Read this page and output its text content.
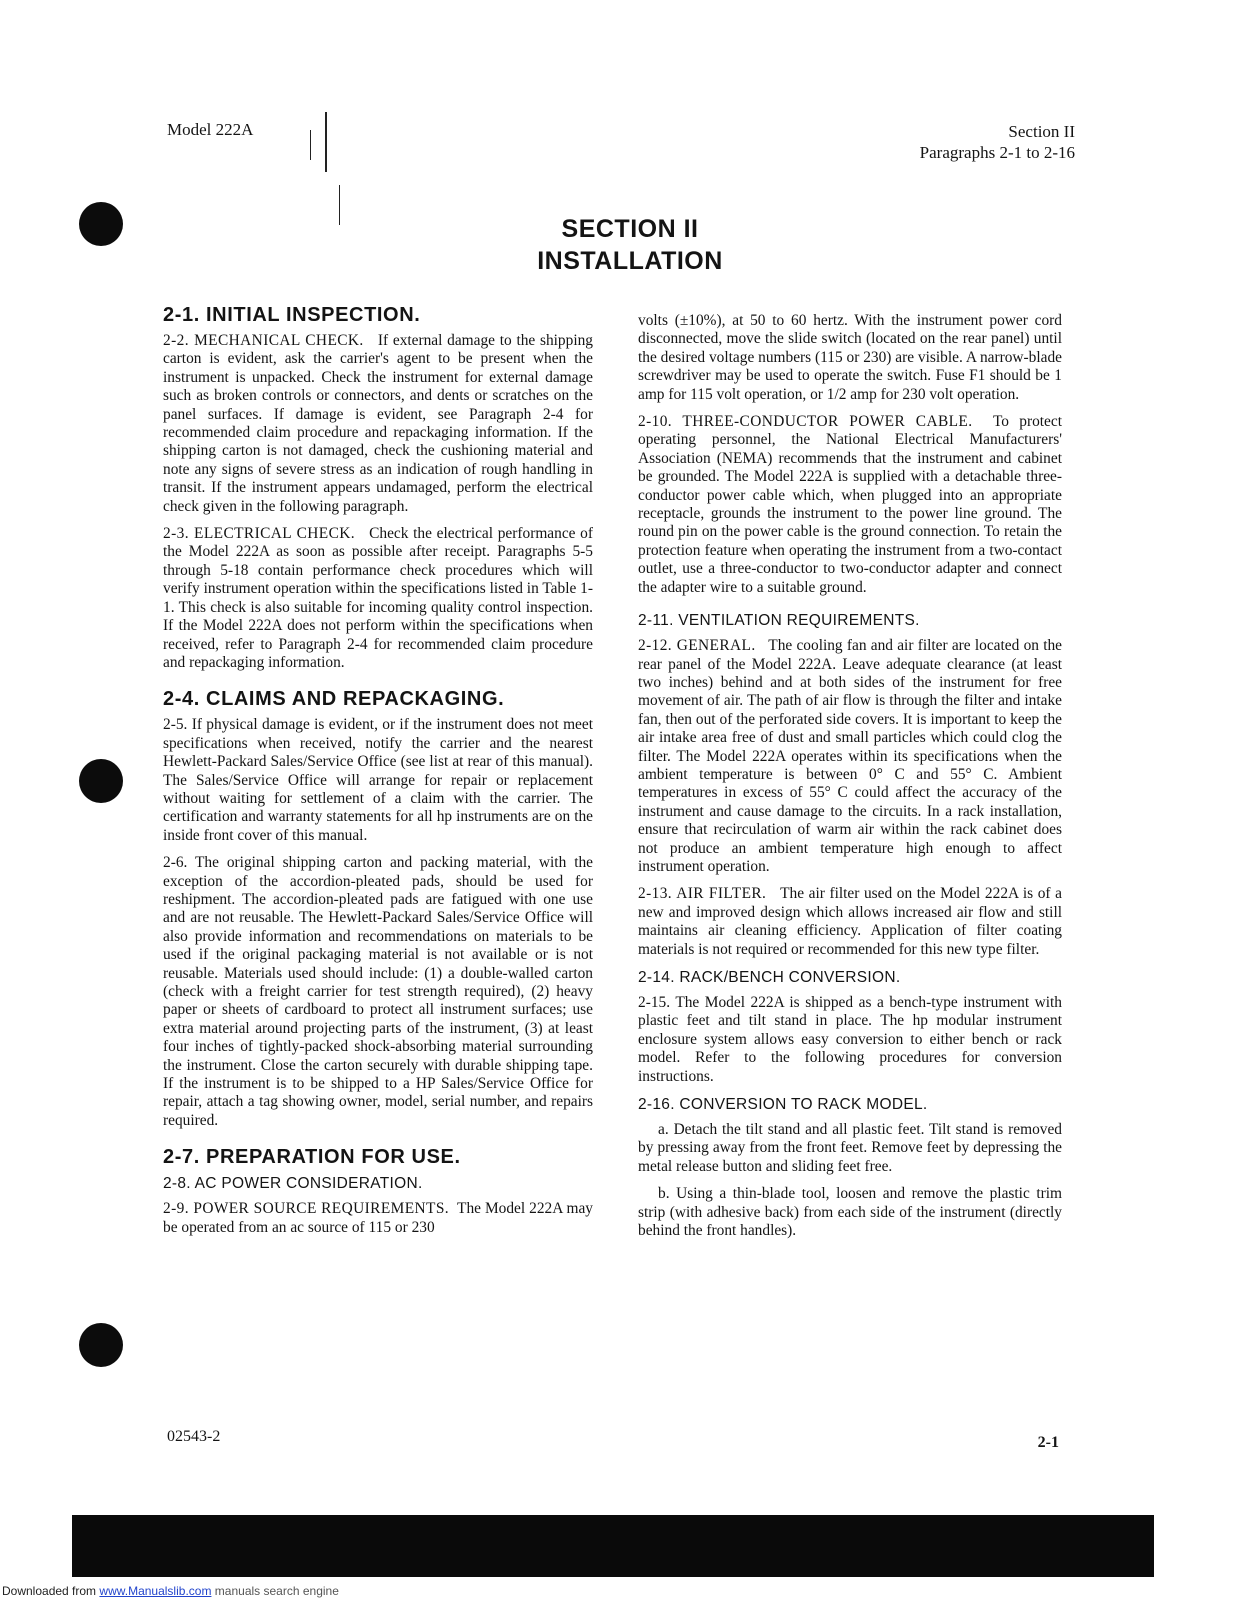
Model 222A	Section II
Paragraphs 2-1 to 2-16
SECTION II
INSTALLATION
2-1. INITIAL INSPECTION.

2-2. MECHANICAL CHECK. If external damage to the shipping carton is evident, ask the carrier's agent to be present when the instrument is unpacked. Check the instrument for external damage such as broken controls or connectors, and dents or scratches on the panel surfaces. If damage is evident, see Paragraph 2-4 for recommended claim procedure and repackaging information. If the shipping carton is not damaged, check the cushioning material and note any signs of severe stress as an indication of rough handling in transit. If the instrument appears undamaged, perform the electrical check given in the following paragraph.

2-3. ELECTRICAL CHECK. Check the electrical performance of the Model 222A as soon as possible after receipt. Paragraphs 5-5 through 5-18 contain performance check procedures which will verify instrument operation within the specifications listed in Table 1-1. This check is also suitable for incoming quality control inspection. If the Model 222A does not perform within the specifications when received, refer to Paragraph 2-4 for recommended claim procedure and repackaging information.

2-4. CLAIMS AND REPACKAGING.

2-5. If physical damage is evident, or if the instrument does not meet specifications when received, notify the carrier and the nearest Hewlett-Packard Sales/Service Office (see list at rear of this manual). The Sales/Service Office will arrange for repair or replacement without waiting for settlement of a claim with the carrier. The certification and warranty statements for all hp instruments are on the inside front cover of this manual.

2-6. The original shipping carton and packing material, with the exception of the accordion-pleated pads, should be used for reshipment. The accordion-pleated pads are fatigued with one use and are not reusable. The Hewlett-Packard Sales/Service Office will also provide information and recommendations on materials to be used if the original packaging material is not available or is not reusable. Materials used should include: (1) a double-walled carton (check with a freight carrier for test strength required), (2) heavy paper or sheets of cardboard to protect all instrument surfaces; use extra material around projecting parts of the instrument, (3) at least four inches of tightly-packed shock-absorbing material surrounding the instrument. Close the carton securely with durable shipping tape. If the instrument is to be shipped to a HP Sales/Service Office for repair, attach a tag showing owner, model, serial number, and repairs required.

2-7. PREPARATION FOR USE.
2-8. AC POWER CONSIDERATION.

2-9. POWER SOURCE REQUIREMENTS. The Model 222A may be operated from an ac source of 115 or 230

volts (±10%), at 50 to 60 hertz. With the instrument power cord disconnected, move the slide switch (located on the rear panel) until the desired voltage numbers (115 or 230) are visible. A narrow-blade screwdriver may be used to operate the switch. Fuse F1 should be 1 amp for 115 volt operation, or 1/2 amp for 230 volt operation.

2-10. THREE-CONDUCTOR POWER CABLE. To protect operating personnel, the National Electrical Manufacturers' Association (NEMA) recommends that the instrument and cabinet be grounded. The Model 222A is supplied with a detachable three-conductor power cable which, when plugged into an appropriate receptacle, grounds the instrument to the power line ground. The round pin on the power cable is the ground connection. To retain the protection feature when operating the instrument from a two-contact outlet, use a three-conductor to two-conductor adapter and connect the adapter wire to a suitable ground.

2-11. VENTILATION REQUIREMENTS.

2-12. GENERAL. The cooling fan and air filter are located on the rear panel of the Model 222A. Leave adequate clearance (at least two inches) behind and at both sides of the instrument for free movement of air. The path of air flow is through the filter and intake fan, then out of the perforated side covers. It is important to keep the air intake area free of dust and small particles which could clog the filter. The Model 222A operates within its specifications when the ambient temperature is between 0° C and 55° C. Ambient temperatures in excess of 55° C could affect the accuracy of the instrument and cause damage to the circuits. In a rack installation, ensure that recirculation of warm air within the rack cabinet does not produce an ambient temperature high enough to affect instrument operation.

2-13. AIR FILTER. The air filter used on the Model 222A is of a new and improved design which allows increased air flow and still maintains air cleaning efficiency. Application of filter coating materials is not required or recommended for this new type filter.

2-14. RACK/BENCH CONVERSION.

2-15. The Model 222A is shipped as a bench-type instrument with plastic feet and tilt stand in place. The hp modular instrument enclosure system allows easy conversion to either bench or rack model. Refer to the following procedures for conversion instructions.

2-16. CONVERSION TO RACK MODEL.

a. Detach the tilt stand and all plastic feet. Tilt stand is removed by pressing away from the front feet. Remove feet by depressing the metal release button and sliding feet free.

b. Using a thin-blade tool, loosen and remove the plastic trim strip (with adhesive back) from each side of the instrument (directly behind the front handles).

02543-2	2-1
Downloaded from www.Manualslib.com manuals search engine
